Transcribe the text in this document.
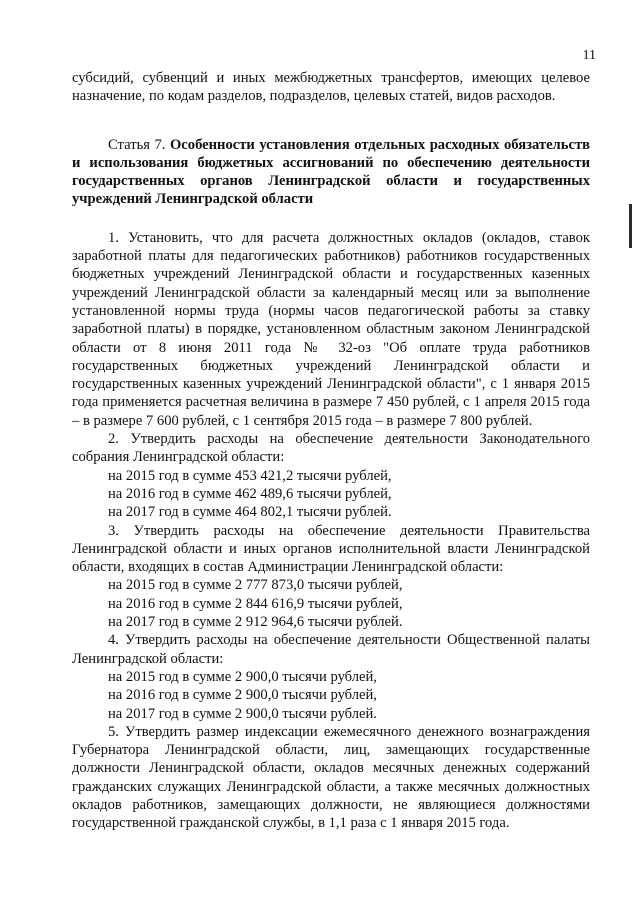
11

субсидий, субвенций и иных межбюджетных трансфертов, имеющих целевое назначение, по кодам разделов, подразделов, целевых статей, видов расходов.

Статья 7. Особенности установления отдельных расходных обязательств и использования бюджетных ассигнований по обеспечению деятельности государственных органов Ленинградской области и государственных учреждений Ленинградской области

1. Установить, что для расчета должностных окладов (окладов, ставок заработной платы для педагогических работников) работников государственных бюджетных учреждений Ленинградской области и государственных казенных учреждений Ленинградской области за календарный месяц или за выполнение установленной нормы труда (нормы часов педагогической работы за ставку заработной платы) в порядке, установленном областным законом Ленинградской области от 8 июня 2011 года № 32-оз "Об оплате труда работников государственных бюджетных учреждений Ленинградской области и государственных казенных учреждений Ленинградской области", с 1 января 2015 года применяется расчетная величина в размере 7 450 рублей, с 1 апреля 2015 года – в размере 7 600 рублей, с 1 сентября 2015 года – в размере 7 800 рублей.

2. Утвердить расходы на обеспечение деятельности Законодательного собрания Ленинградской области:

на 2015 год в сумме 453 421,2 тысячи рублей,

на 2016 год в сумме 462 489,6 тысячи рублей,

на 2017 год в сумме 464 802,1 тысячи рублей.

3. Утвердить расходы на обеспечение деятельности Правительства Ленинградской области и иных органов исполнительной власти Ленинградской области, входящих в состав Администрации Ленинградской области:

на 2015 год в сумме 2 777 873,0 тысячи рублей,

на 2016 год в сумме 2 844 616,9 тысячи рублей,

на 2017 год в сумме 2 912 964,6 тысячи рублей.

4. Утвердить расходы на обеспечение деятельности Общественной палаты Ленинградской области:

на 2015 год в сумме 2 900,0 тысячи рублей,

на 2016 год в сумме 2 900,0 тысячи рублей,

на 2017 год в сумме 2 900,0 тысячи рублей.

5. Утвердить размер индексации ежемесячного денежного вознаграждения Губернатора Ленинградской области, лиц, замещающих государственные должности Ленинградской области, окладов месячных денежных содержаний гражданских служащих Ленинградской области, а также месячных должностных окладов работников, замещающих должности, не являющиеся должностями государственной гражданской службы, в 1,1 раза с 1 января 2015 года.
